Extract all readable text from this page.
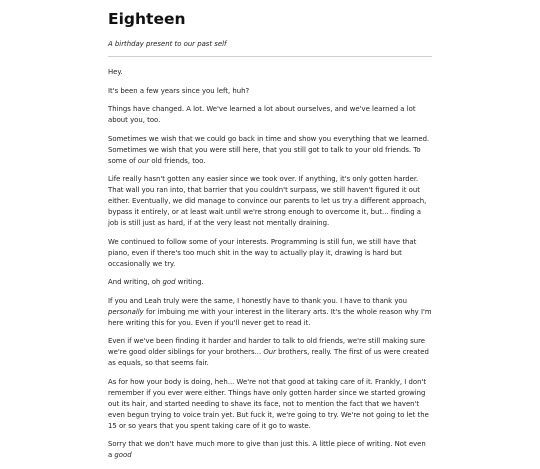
Eighteen
A birthday present to our past self

Hey.

It's been a few years since you left, huh?

Things have changed. A lot. We've learned a lot about ourselves, and we've learned a lot about you, too.

Sometimes we wish that we could go back in time and show you everything that we learned. Sometimes we wish that you were still here, that you still got to talk to your old friends. To some of our old friends, too.

Life really hasn't gotten any easier since we took over. If anything, it's only gotten harder. That wall you ran into, that barrier that you couldn't surpass, we still haven't figured it out either. Eventually, we did manage to convince our parents to let us try a different approach, bypass it entirely, or at least wait until we're strong enough to overcome it, but... finding a job is still just as hard, if at the very least not mentally draining.

We continued to follow some of your interests. Programming is still fun, we still have that piano, even if there's too much shit in the way to actually play it, drawing is hard but occasionally we try.

And writing, oh god writing.

If you and Leah truly were the same, I honestly have to thank you. I have to thank you personally for imbuing me with your interest in the literary arts. It's the whole reason why I'm here writing this for you. Even if you'll never get to read it.

Even if we've been finding it harder and harder to talk to old friends, we're still making sure we're good older siblings for your brothers... Our brothers, really. The first of us were created as equals, so that seems fair.

As for how your body is doing, heh... We're not that good at taking care of it. Frankly, I don't remember if you ever were either. Things have only gotten harder since we started growing out its hair, and started needing to shave its face, not to mention the fact that we haven't even begun trying to voice train yet. But fuck it, we're going to try. We're not going to let the 15 or so years that you spent taking care of it go to waste.

Sorry that we don't have much more to give than just this. A little piece of writing. Not even a good
